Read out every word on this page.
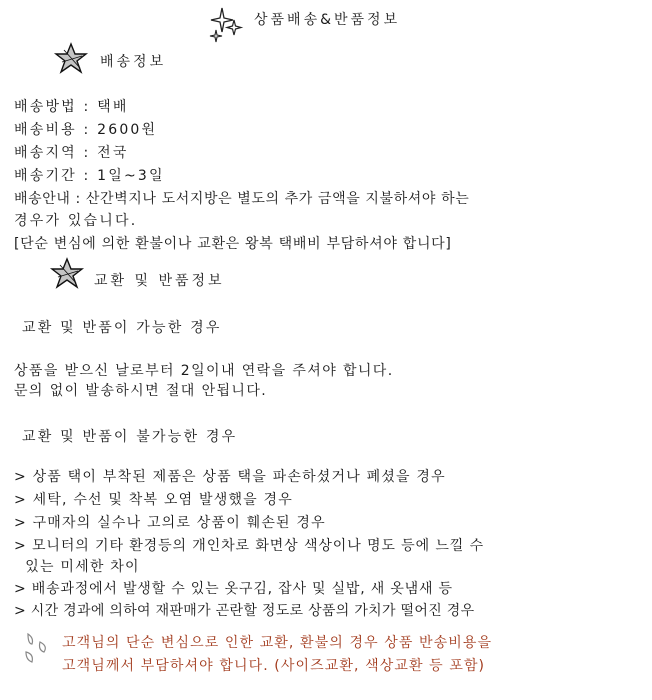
상품배송&반품정보
배송정보
배송방법 : 택배
배송비용 : 2600원
배송지역 : 전국
배송기간 : 1일~3일
배송안내 : 산간벽지나 도서지방은 별도의 추가 금액을 지불하셔야 하는
경우가 있습니다.
[단순 변심에 의한 환불이나 교환은 왕복 택배비 부담하셔야 합니다]
교환 및 반품정보
교환 및 반품이 가능한 경우
상품을 받으신 날로부터 2일이내 연락을 주셔야 합니다.
문의 없이 발송하시면 절대 안됩니다.
교환 및 반품이 불가능한 경우
> 상품 택이 부착된 제품은 상품 택을 파손하셨거나 폐셨을 경우
> 세탁, 수선 및 착복 오염 발생했을 경우
> 구매자의 실수나 고의로 상품이 훼손된 경우
> 모니터의 기타 환경등의 개인차로 화면상 색상이나 명도 등에 느낄 수
있는 미세한 차이
> 배송과정에서 발생할 수 있는 옷구김, 잡사 및 실밥, 새 옷냄새 등
> 시간 경과에 의하여 재판매가 곤란할 정도로 상품의 가치가 떨어진 경우
고객님의 단순 변심으로 인한 교환, 환불의 경우 상품 반송비용을
고객님께서 부담하셔야 합니다. (사이즈교환, 색상교환 등 포함)
